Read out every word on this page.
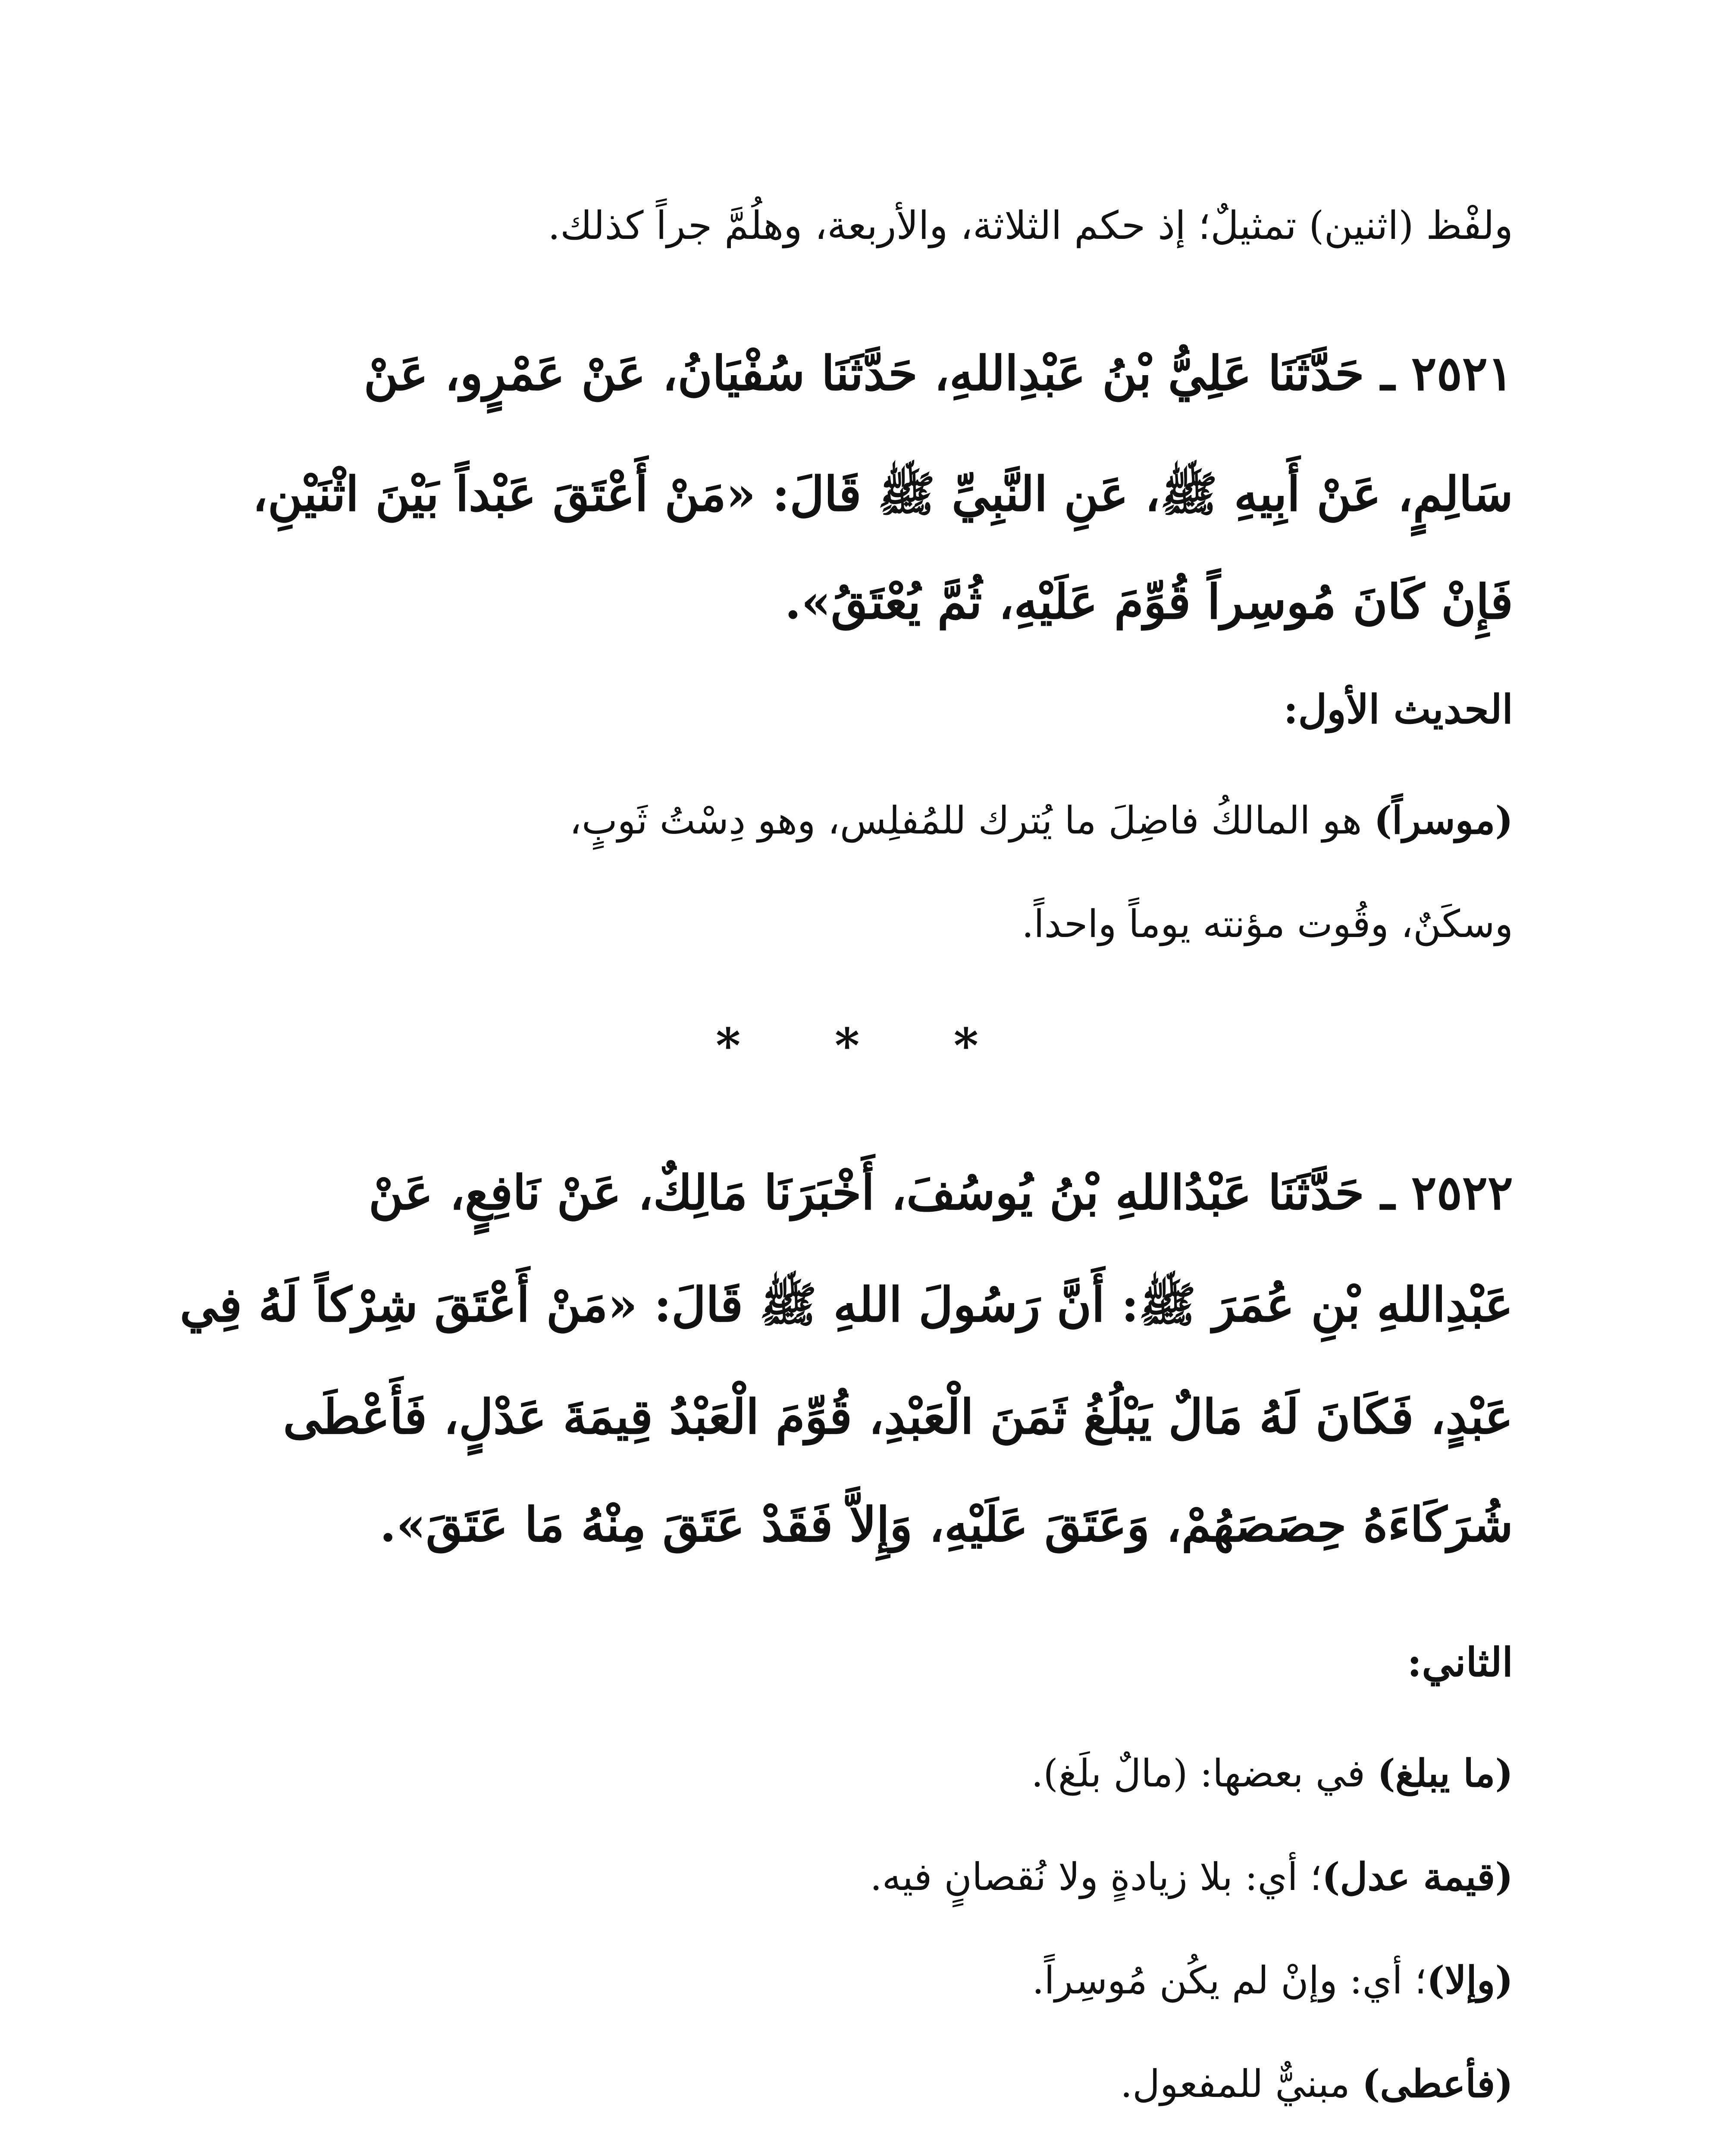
ولفْظ (اثنين) تمثيلٌ؛ إذ حكم الثلاثة، والأربعة، وهلُمَّ جراً كذلك.

٢٥٢١ ـ حَدَّثَنَا عَلِيُّ بْنُ عَبْدِاللهِ، حَدَّثَنَا سُفْيَانُ، عَنْ عَمْرٍو، عَنْ

سَالِمٍ، عَنْ أَبِيهِ ﷺ، عَنِ النَّبِيِّ ﷺ قَالَ: «مَنْ أَعْتَقَ عَبْداً بَيْنَ اثْنَيْنِ،

فَإِنْ كَانَ مُوسِراً قُوِّمَ عَلَيْهِ، ثُمَّ يُعْتَقُ».

الحديث الأول:

(موسراً) هو المالكُ فاضِلَ ما يُترك للمُفلِس، وهو دِسْتُ ثَوبٍ،

وسكَنٌ، وقُوت مؤنته يوماً واحداً.

* * *

٢٥٢٢ ـ حَدَّثَنَا عَبْدُاللهِ بْنُ يُوسُفَ، أَخْبَرَنَا مَالِكٌ، عَنْ نَافِعٍ، عَنْ

عَبْدِاللهِ بْنِ عُمَرَ ﷺ: أَنَّ رَسُولَ اللهِ ﷺ قَالَ: «مَنْ أَعْتَقَ شِرْكاً لَهُ فِي

عَبْدٍ، فَكَانَ لَهُ مَالٌ يَبْلُغُ ثَمَنَ الْعَبْدِ، قُوِّمَ الْعَبْدُ قِيمَةَ عَدْلٍ، فَأَعْطَى

شُرَكَاءَهُ حِصَصَهُمْ، وَعَتَقَ عَلَيْهِ، وَإِلاَّ فَقَدْ عَتَقَ مِنْهُ مَا عَتَقَ».

الثاني:

(ما يبلغ) في بعضها: (مالٌ بلَغ).

(قيمة عدل)؛ أي: بلا زيادةٍ ولا نُقصانٍ فيه.

(وإلا)؛ أي: وإنْ لم يكُن مُوسِراً.

(فأعطى) مبنيٌّ للمفعول.
